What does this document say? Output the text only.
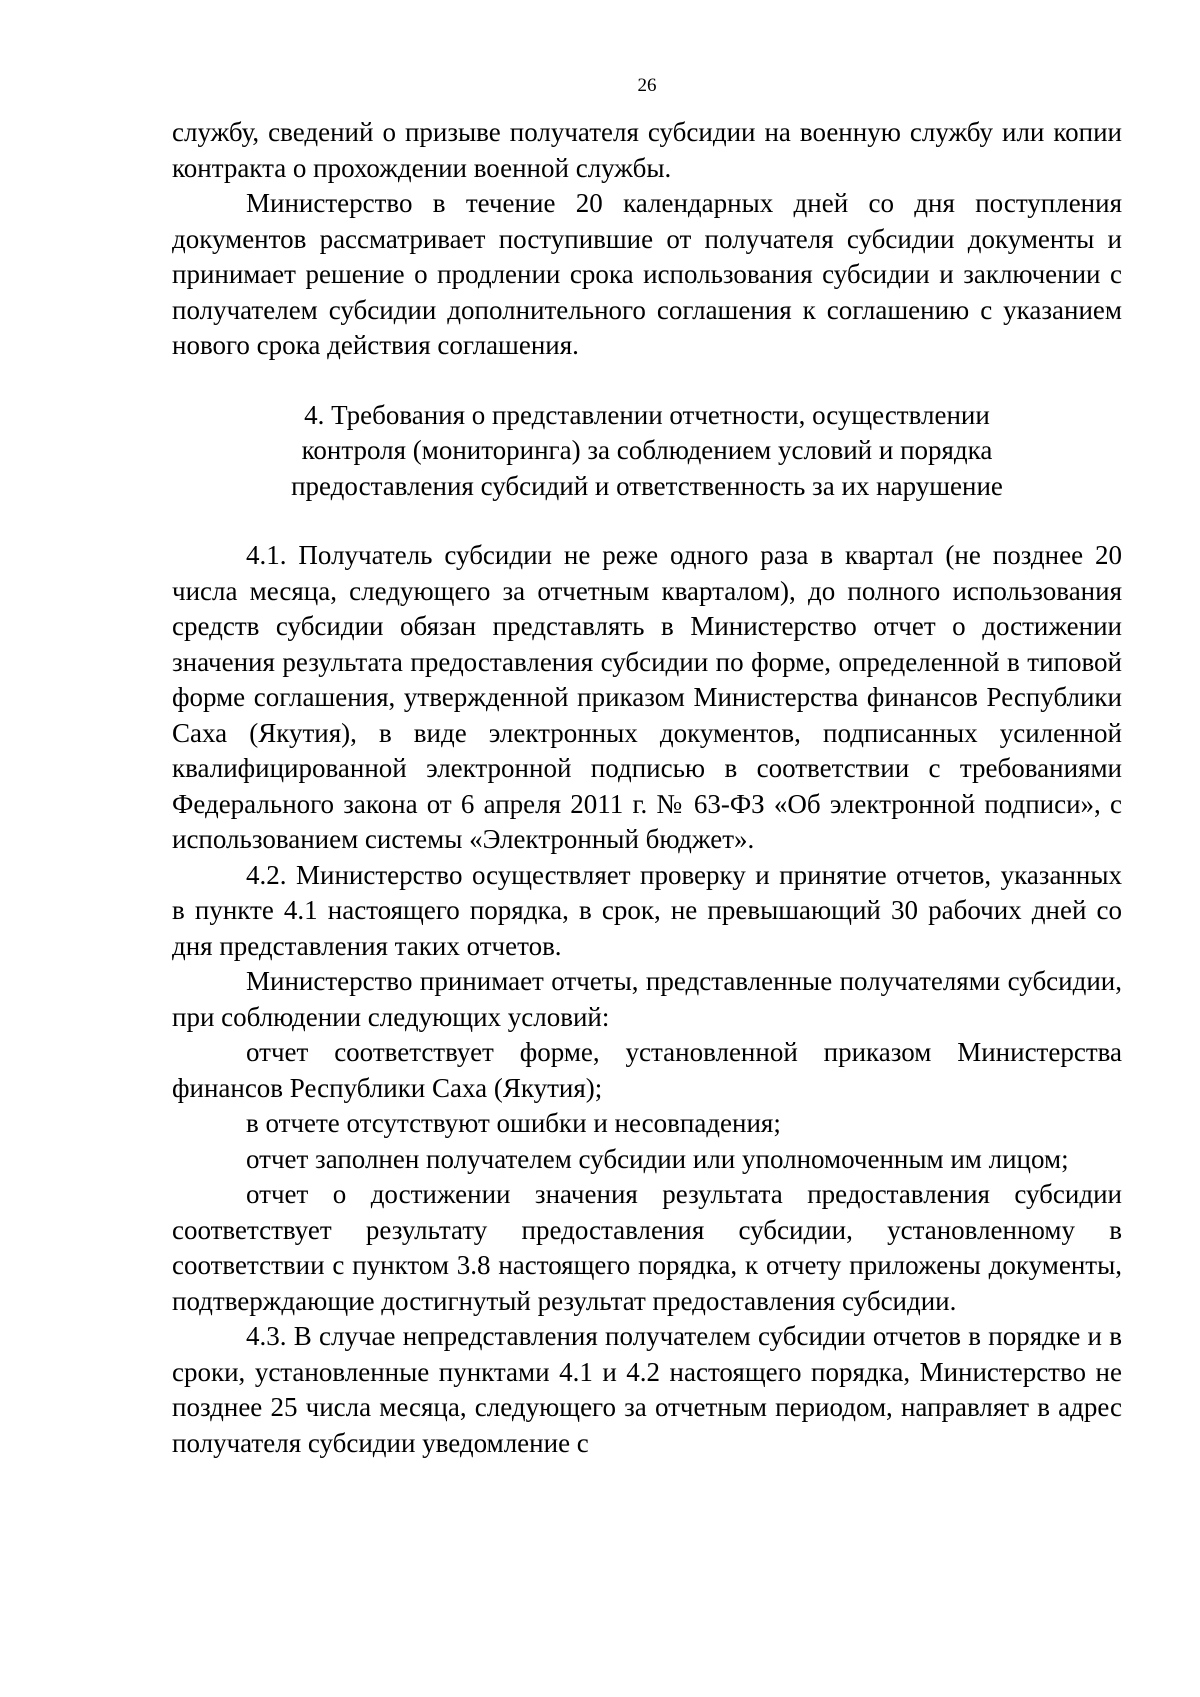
26

службу, сведений о призыве получателя субсидии на военную службу или копии контракта о прохождении военной службы.

Министерство в течение 20 календарных дней со дня поступления документов рассматривает поступившие от получателя субсидии документы и принимает решение о продлении срока использования субсидии и заключении с получателем субсидии дополнительного соглашения к соглашению с указанием нового срока действия соглашения.

4. Требования о представлении отчетности, осуществлении
контроля (мониторинга) за соблюдением условий и порядка
предоставления субсидий и ответственность за их нарушение

4.1. Получатель субсидии не реже одного раза в квартал (не позднее 20 числа месяца, следующего за отчетным кварталом), до полного использования средств субсидии обязан представлять в Министерство отчет о достижении значения результата предоставления субсидии по форме, определенной в типовой форме соглашения, утвержденной приказом Министерства финансов Республики Саха (Якутия), в виде электронных документов, подписанных усиленной квалифицированной электронной подписью в соответствии с требованиями Федерального закона от 6 апреля 2011 г. № 63-ФЗ «Об электронной подписи», с использованием системы «Электронный бюджет».

4.2. Министерство осуществляет проверку и принятие отчетов, указанных в пункте 4.1 настоящего порядка, в срок, не превышающий 30 рабочих дней со дня представления таких отчетов.

Министерство принимает отчеты, представленные получателями субсидии, при соблюдении следующих условий:

отчет соответствует форме, установленной приказом Министерства финансов Республики Саха (Якутия);

в отчете отсутствуют ошибки и несовпадения;

отчет заполнен получателем субсидии или уполномоченным им лицом;

отчет о достижении значения результата предоставления субсидии соответствует результату предоставления субсидии, установленному в соответствии с пунктом 3.8 настоящего порядка, к отчету приложены документы, подтверждающие достигнутый результат предоставления субсидии.

4.3. В случае непредставления получателем субсидии отчетов в порядке и в сроки, установленные пунктами 4.1 и 4.2 настоящего порядка, Министерство не позднее 25 числа месяца, следующего за отчетным периодом, направляет в адрес получателя субсидии уведомление с
